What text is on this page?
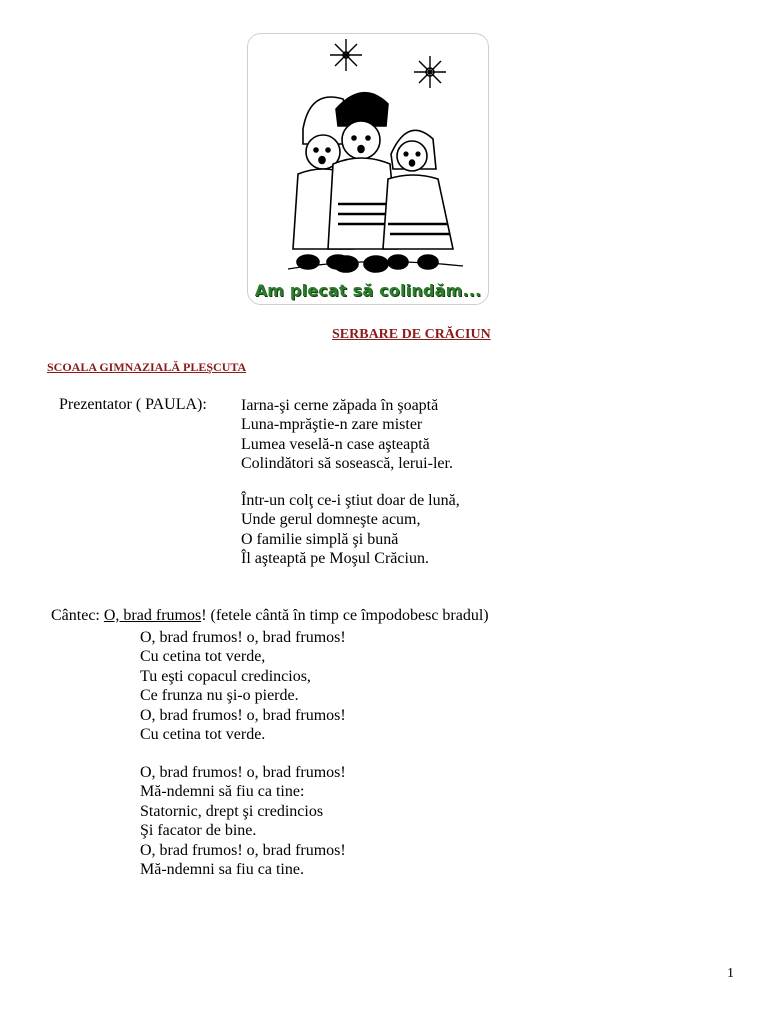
Am plecat să colindăm...
SERBARE DE CRĂCIUN
SCOALA GIMNAZIALĂ PLEŞCUTA
Prezentator ( PAULA): Iarna-şi cerne zăpada în şoaptă
Luna-mprăştie-n zare mister
Lumea veselă-n case aşteaptă
Colindători să sosească, lerui-ler.
Într-un colţ ce-i ştiut doar de lună,
Unde gerul domneşte acum,
O familie simplă şi bună
Îl aşteaptă pe Moşul Crăciun.
Cântec: O, brad frumos! (fetele cântă în timp ce împodobesc bradul)
O, brad frumos! o, brad frumos!
Cu cetina tot verde,
Tu eşti copacul credincios,
Ce frunza nu şi-o pierde.
O, brad frumos! o, brad frumos!
Cu cetina tot verde.
O, brad frumos! o, brad frumos!
Mă-ndemni să fiu ca tine:
Statornic, drept şi credincios
Şi facator de bine.
O, brad frumos! o, brad frumos!
Mă-ndemni sa fiu ca tine.
1
